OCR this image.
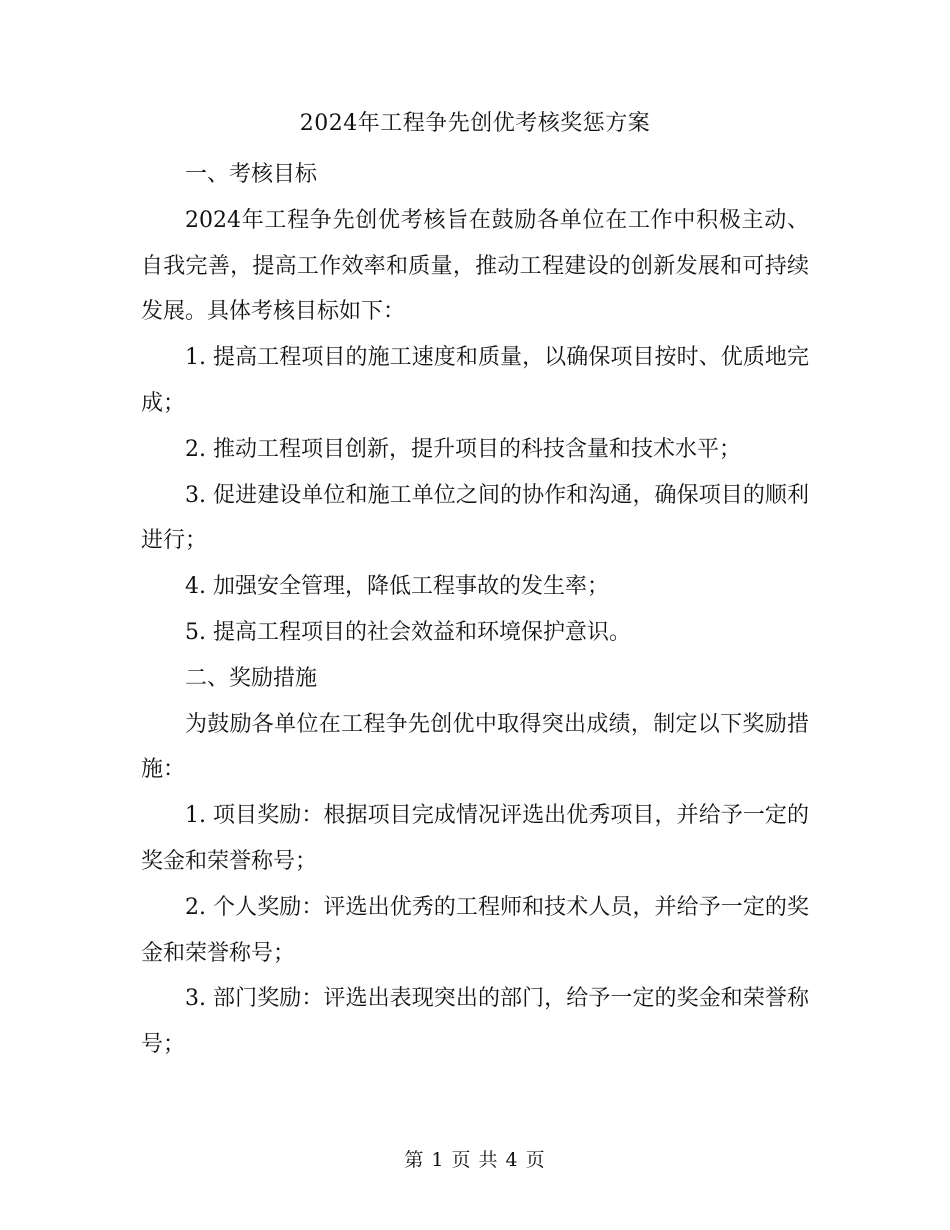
2024年工程争先创优考核奖惩方案

一、考核目标

2024年工程争先创优考核旨在鼓励各单位在工作中积极主动、自我完善，提高工作效率和质量，推动工程建设的创新发展和可持续发展。具体考核目标如下：

1. 提高工程项目的施工速度和质量，以确保项目按时、优质地完成；

2. 推动工程项目创新，提升项目的科技含量和技术水平；

3. 促进建设单位和施工单位之间的协作和沟通，确保项目的顺利进行；

4. 加强安全管理，降低工程事故的发生率；

5. 提高工程项目的社会效益和环境保护意识。

二、奖励措施

为鼓励各单位在工程争先创优中取得突出成绩，制定以下奖励措施：

1. 项目奖励：根据项目完成情况评选出优秀项目，并给予一定的奖金和荣誉称号；

2. 个人奖励：评选出优秀的工程师和技术人员，并给予一定的奖金和荣誉称号；

3. 部门奖励：评选出表现突出的部门，给予一定的奖金和荣誉称号；

第 1 页 共 4 页
